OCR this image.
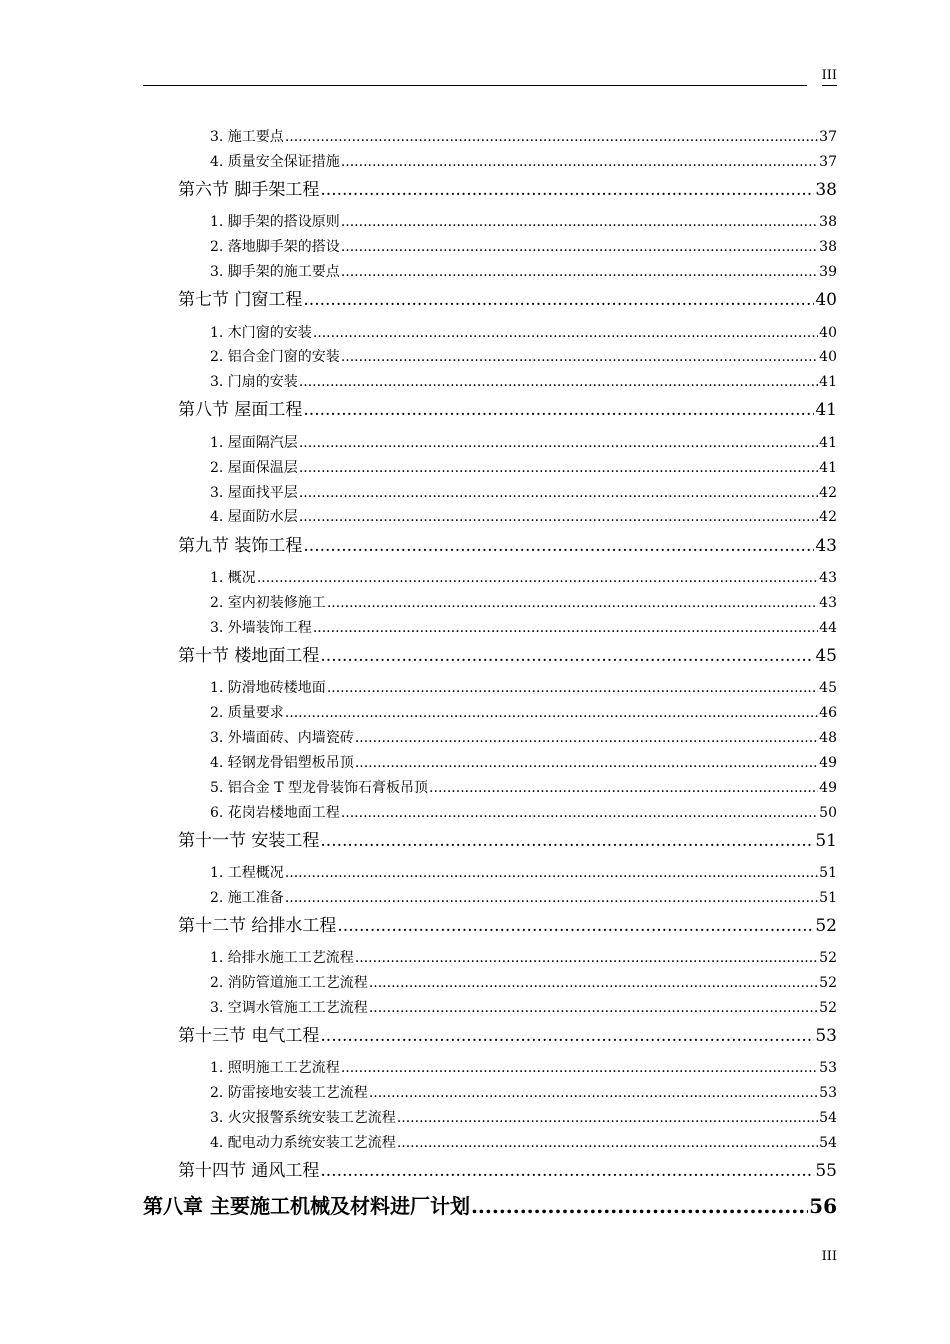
III
3. 施工要点 .....	37
4. 质量安全保证措施 .....	37
第六节 脚手架工程 .....	38
1. 脚手架的搭设原则 .....	38
2. 落地脚手架的搭设 .....	38
3. 脚手架的施工要点 .....	39
第七节 门窗工程 .....	40
1. 木门窗的安装 .....	40
2. 铝合金门窗的安装 .....	40
3. 门扇的安装 .....	41
第八节 屋面工程 .....	41
1. 屋面隔汽层 .....	41
2. 屋面保温层 .....	41
3. 屋面找平层 .....	42
4. 屋面防水层 .....	42
第九节 装饰工程 .....	43
1. 概况 .....	43
2. 室内初装修施工 .....	43
3. 外墙装饰工程 .....	44
第十节 楼地面工程 .....	45
1. 防滑地砖楼地面 .....	45
2. 质量要求 .....	46
3. 外墙面砖、内墙瓷砖 .....	48
4. 轻钢龙骨铝塑板吊顶 .....	49
5. 铝合金 T 型龙骨装饰石膏板吊顶 .....	49
6. 花岗岩楼地面工程 .....	50
第十一节 安装工程 .....	51
1. 工程概况 .....	51
2. 施工准备 .....	51
第十二节 给排水工程 .....	52
1. 给排水施工工艺流程 .....	52
2. 消防管道施工工艺流程 .....	52
3. 空调水管施工工艺流程 .....	52
第十三节 电气工程 .....	53
1. 照明施工工艺流程 .....	53
2. 防雷接地安装工艺流程 .....	53
3. 火灾报警系统安装工艺流程 .....	54
4. 配电动力系统安装工艺流程 .....	54
第十四节 通风工程 .....	55
第八章 主要施工机械及材料进厂计划 .....	56
III
